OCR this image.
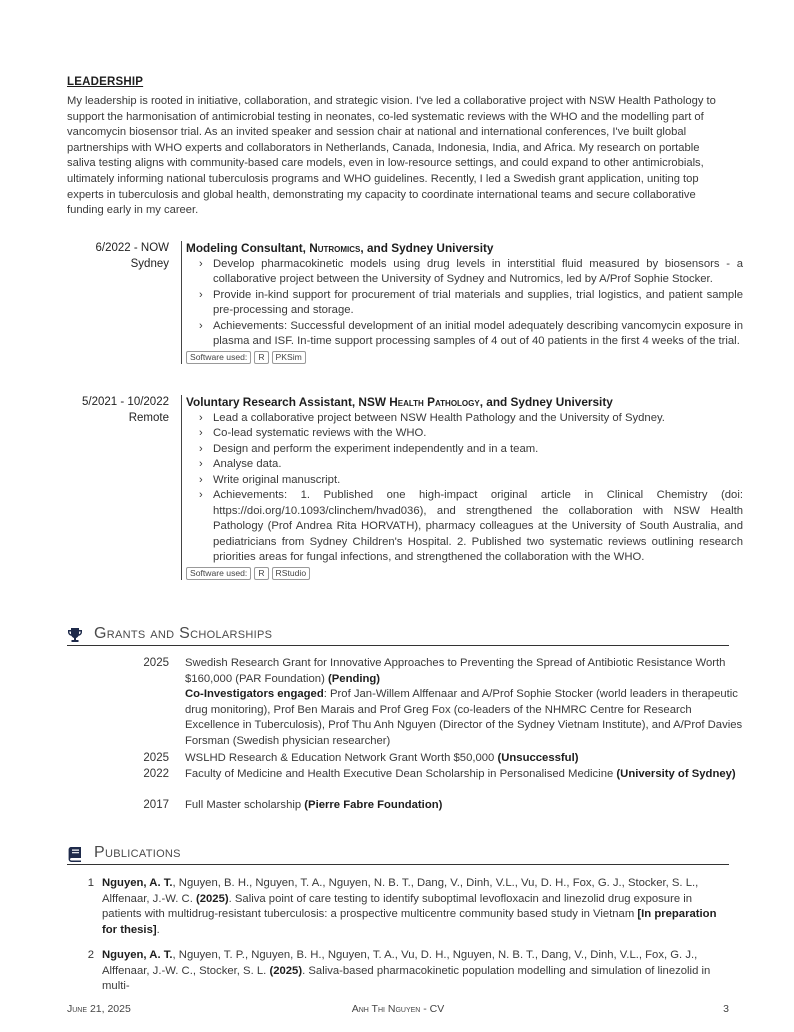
LEADERSHIP

My leadership is rooted in initiative, collaboration, and strategic vision. I've led a collaborative project with NSW Health Pathology to support the harmonisation of antimicrobial testing in neonates, co-led systematic reviews with the WHO and the modelling part of vancomycin biosensor trial. As an invited speaker and session chair at national and international conferences, I've built global partnerships with WHO experts and collaborators in Netherlands, Canada, Indonesia, India, and Africa. My research on portable saliva testing aligns with community-based care models, even in low-resource settings, and could expand to other antimicrobials, ultimately informing national tuberculosis programs and WHO guidelines. Recently, I led a Swedish grant application, uniting top experts in tuberculosis and global health, demonstrating my capacity to coordinate international teams and secure collaborative funding early in my career.

6/2022 - NOW
Sydney
Modeling Consultant, Nutromics, and Sydney University
› Develop pharmacokinetic models using drug levels in interstitial fluid measured by biosensors - a collaborative project between the University of Sydney and Nutromics, led by A/Prof Sophie Stocker.
› Provide in-kind support for procurement of trial materials and supplies, trial logistics, and patient sample pre-processing and storage.
› Achievements: Successful development of an initial model adequately describing vancomycin exposure in plasma and ISF. In-time support processing samples of 4 out of 40 patients in the first 4 weeks of the trial.
Software used:	R	PKSim
5/2021 - 10/2022
Remote
Voluntary Research Assistant, NSW Health Pathology, and Sydney University
› Lead a collaborative project between NSW Health Pathology and the University of Sydney.
› Co-lead systematic reviews with the WHO.
› Design and perform the experiment independently and in a team.
› Analyse data.
› Write original manuscript.
› Achievements: 1. Published one high-impact original article in Clinical Chemistry (doi: https://doi.org/10.1093/clinchem/hvad036), and strengthened the collaboration with NSW Health Pathology (Prof Andrea Rita HORVATH), pharmacy colleagues at the University of South Australia, and pediatricians from Sydney Children's Hospital. 2. Published two systematic reviews outlining research priorities areas for fungal infections, and strengthened the collaboration with the WHO.
Software used:	R	RStudio
Grants and Scholarships
2025 Swedish Research Grant for Innovative Approaches to Preventing the Spread of Antibiotic Resistance Worth $160,000 (PAR Foundation) (Pending)
Co-Investigators engaged: Prof Jan-Willem Alffenaar and A/Prof Sophie Stocker (world leaders in therapeutic drug monitoring), Prof Ben Marais and Prof Greg Fox (co-leaders of the NHMRC Centre for Research Excellence in Tuberculosis), Prof Thu Anh Nguyen (Director of the Sydney Vietnam Institute), and A/Prof Davies Forsman (Swedish physician researcher)
2025 WSLHD Research & Education Network Grant Worth $50,000 (Unsuccessful)
2022 Faculty of Medicine and Health Executive Dean Scholarship in Personalised Medicine (University of Sydney)
2017 Full Master scholarship (Pierre Fabre Foundation)
Publications
1 Nguyen, A. T., Nguyen, B. H., Nguyen, T. A., Nguyen, N. B. T., Dang, V., Dinh, V.L., Vu, D. H., Fox, G. J., Stocker, S. L., Alffenaar, J.-W. C. (2025). Saliva point of care testing to identify suboptimal levofloxacin and linezolid drug exposure in patients with multidrug-resistant tuberculosis: a prospective multicentre community based study in Vietnam [In preparation for thesis].
2 Nguyen, A. T., Nguyen, T. P., Nguyen, B. H., Nguyen, T. A., Vu, D. H., Nguyen, N. B. T., Dang, V., Dinh, V.L., Fox, G. J., Alffenaar, J.-W. C., Stocker, S. L. (2025). Saliva-based pharmacokinetic population modelling and simulation of linezolid in multi-
June 21, 2025	Anh Thi Nguyen - CV	3
